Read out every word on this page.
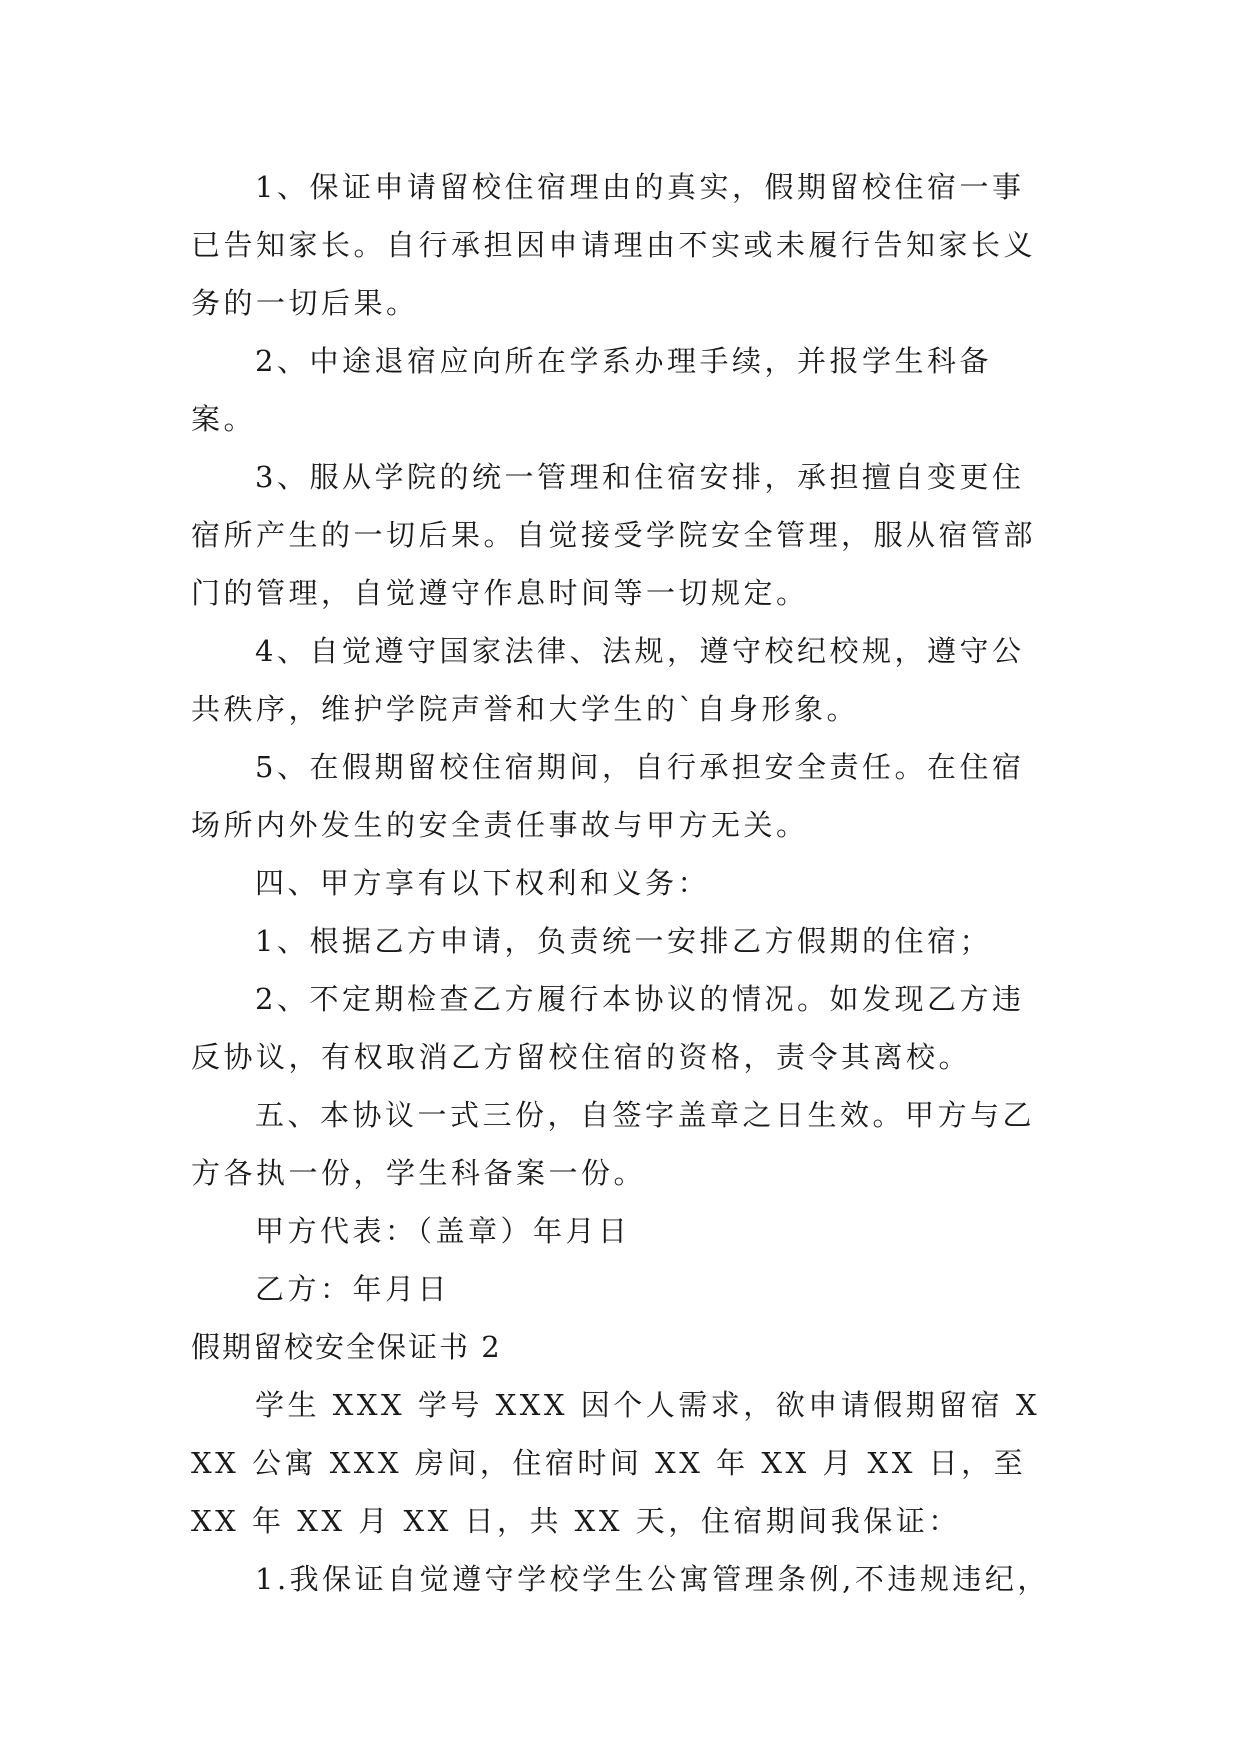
1、保证申请留校住宿理由的真实，假期留校住宿一事已告知家长。自行承担因申请理由不实或未履行告知家长义务的一切后果。

2、中途退宿应向所在学系办理手续，并报学生科备案。

3、服从学院的统一管理和住宿安排，承担擅自变更住宿所产生的一切后果。自觉接受学院安全管理，服从宿管部门的管理，自觉遵守作息时间等一切规定。

4、自觉遵守国家法律、法规，遵守校纪校规，遵守公共秩序，维护学院声誉和大学生的`自身形象。

5、在假期留校住宿期间，自行承担安全责任。在住宿场所内外发生的安全责任事故与甲方无关。

四、甲方享有以下权利和义务：

1、根据乙方申请，负责统一安排乙方假期的住宿；

2、不定期检查乙方履行本协议的情况。如发现乙方违反协议，有权取消乙方留校住宿的资格，责令其离校。

五、本协议一式三份，自签字盖章之日生效。甲方与乙方各执一份，学生科备案一份。

甲方代表：（盖章）年月日

乙方：年月日

假期留校安全保证书 2

学生 XXX 学号 XXX 因个人需求，欲申请假期留宿 XXX 公寓 XXX 房间，住宿时间 XX 年 XX 月 XX 日，至 XX 年 XX 月 XX 日，共 XX 天，住宿期间我保证：

1.我保证自觉遵守学校学生公寓管理条例,不违规违纪，
